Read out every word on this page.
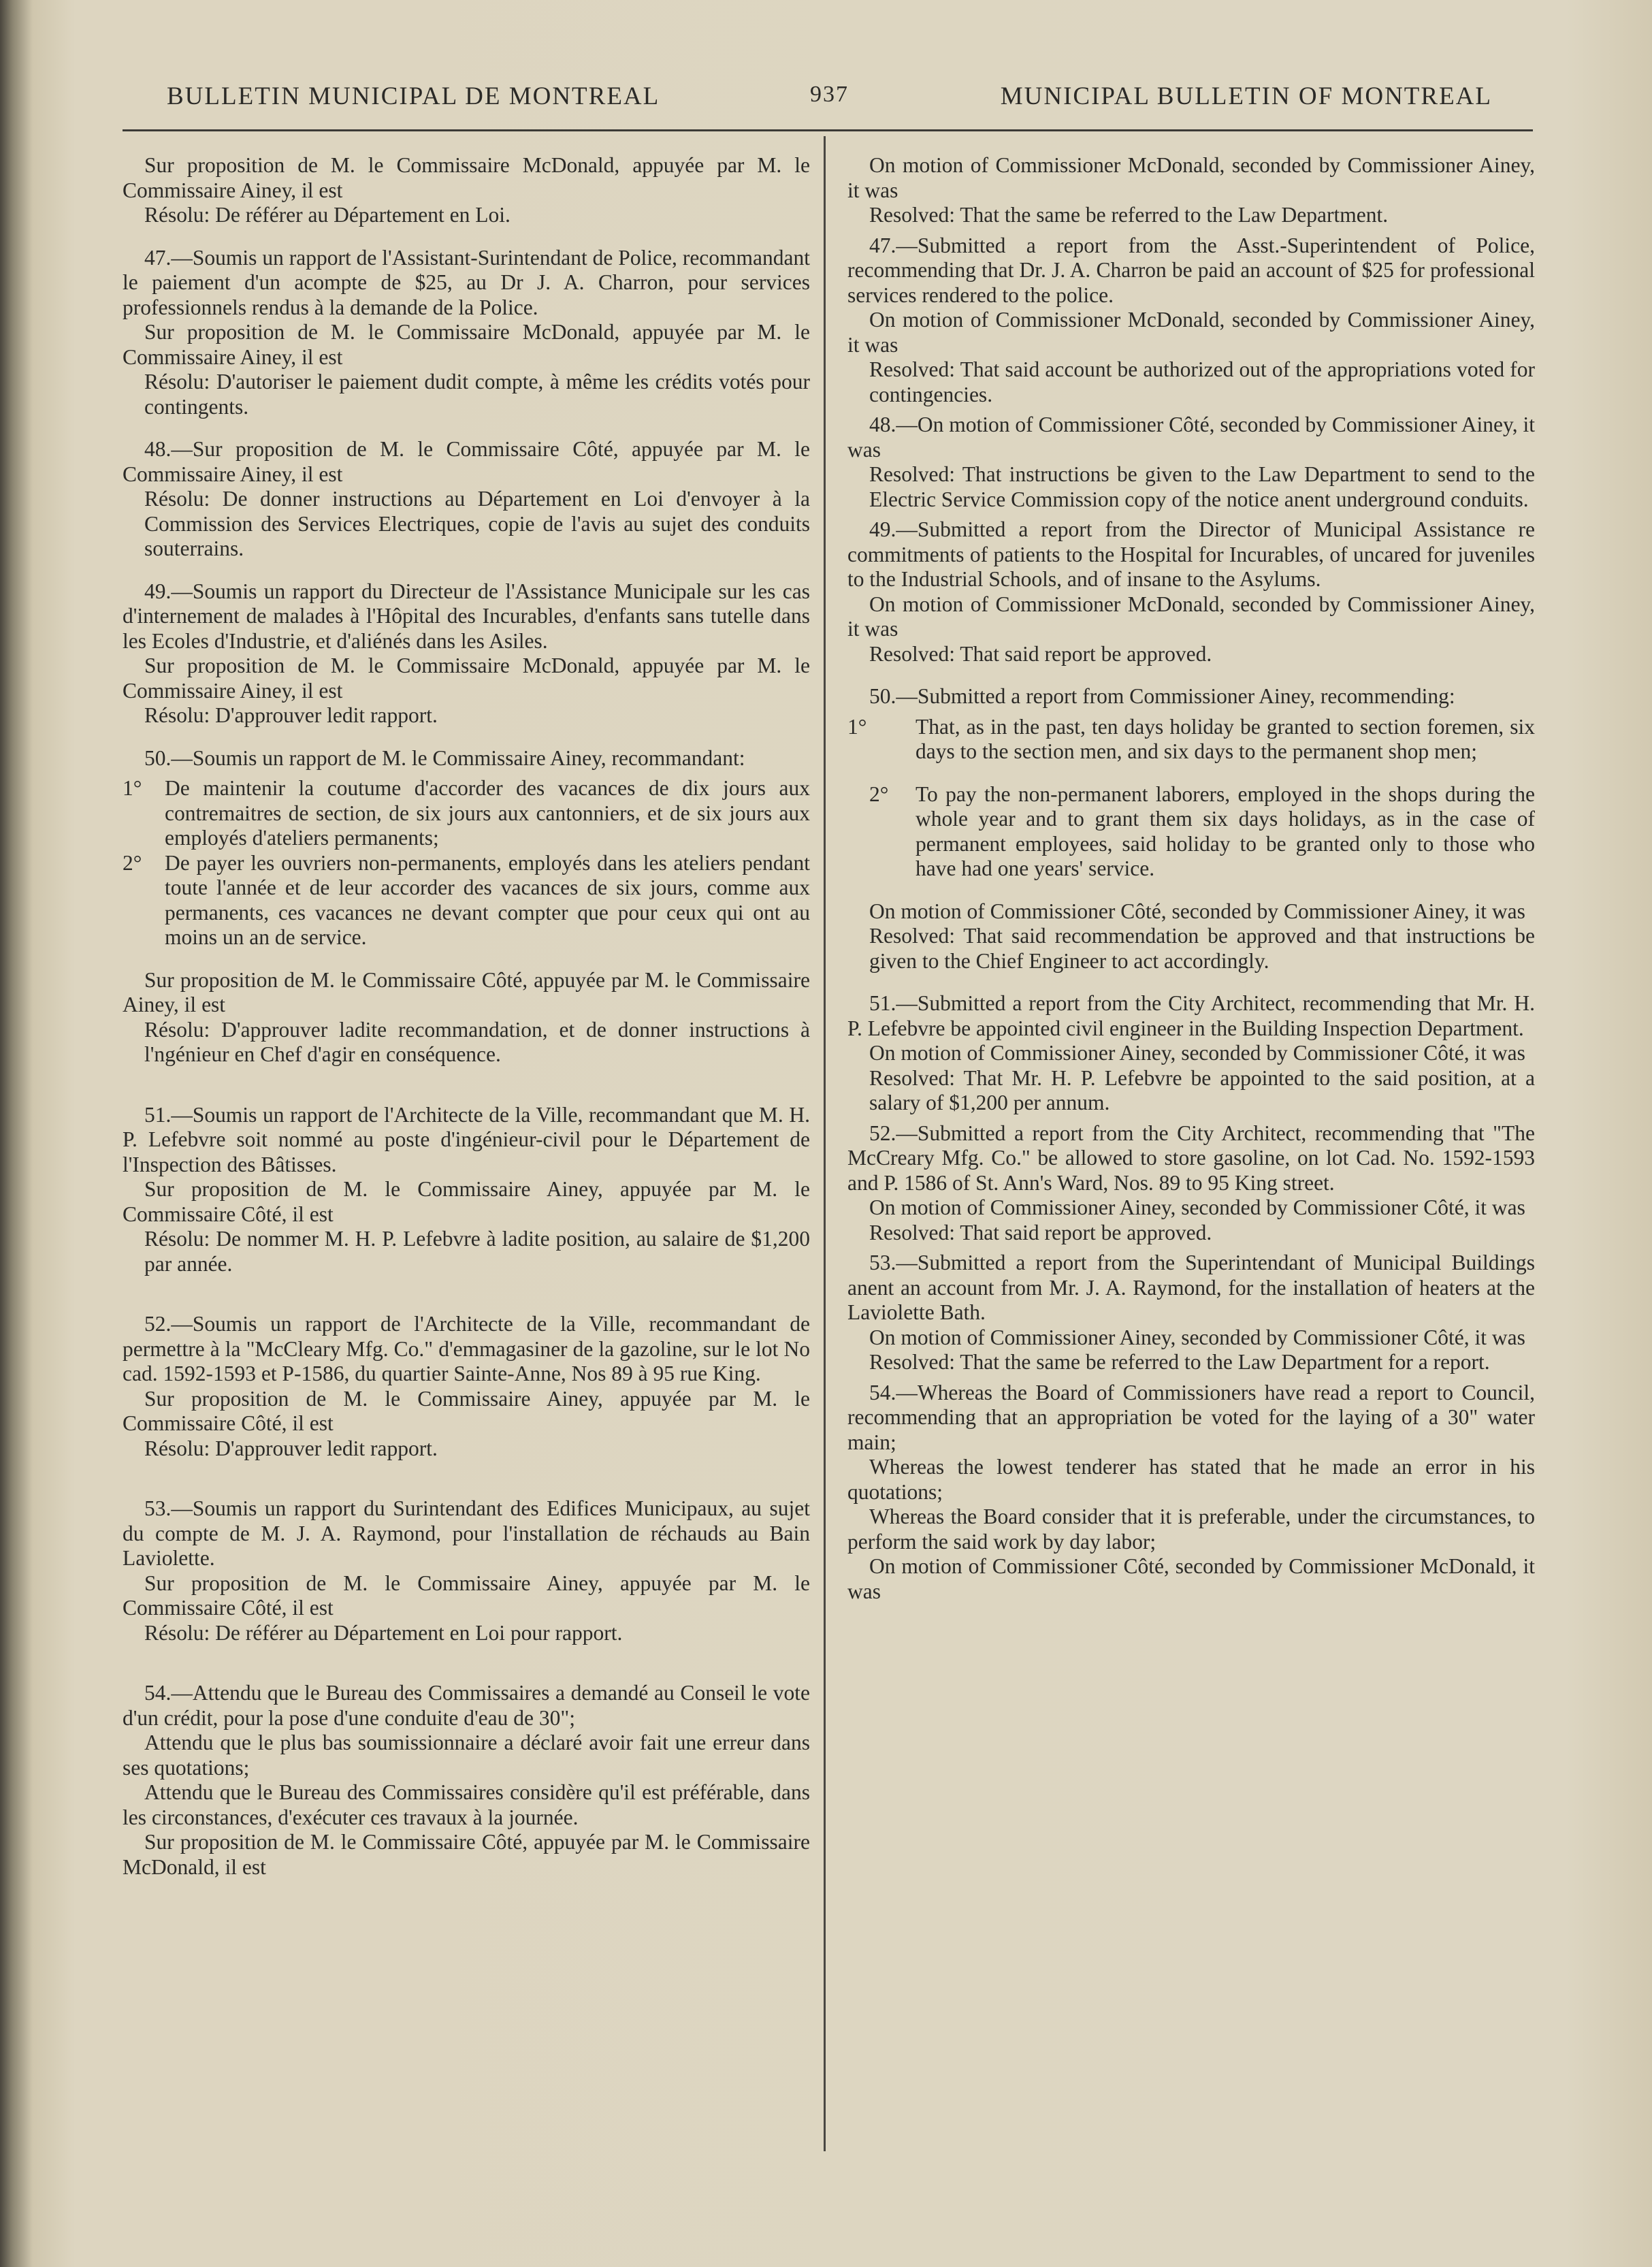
BULLETIN MUNICIPAL DE MONTREAL	937	MUNICIPAL BULLETIN OF MONTREAL

Sur proposition de M. le Commissaire McDonald, appuyée par M. le Commissaire Ainey, il est

Résolu: De référer au Département en Loi.

47.—Soumis un rapport de l'Assistant-Surintendant de Police, recommandant le paiement d'un acompte de $25, au Dr J. A. Charron, pour services professionnels rendus à la demande de la Police.

Sur proposition de M. le Commissaire McDonald, appuyée par M. le Commissaire Ainey, il est

Résolu: D'autoriser le paiement dudit compte, à même les crédits votés pour contingents.

48.—Sur proposition de M. le Commissaire Côté, appuyée par M. le Commissaire Ainey, il est

Résolu: De donner instructions au Département en Loi d'envoyer à la Commission des Services Electriques, copie de l'avis au sujet des conduits souterrains.

49.—Soumis un rapport du Directeur de l'Assistance Municipale sur les cas d'internement de malades à l'Hôpital des Incurables, d'enfants sans tutelle dans les Ecoles d'Industrie, et d'aliénés dans les Asiles.

Sur proposition de M. le Commissaire McDonald, appuyée par M. le Commissaire Ainey, il est

Résolu: D'approuver ledit rapport.

50.—Soumis un rapport de M. le Commissaire Ainey, recommandant:

1°	De maintenir la coutume d'accorder des vacances de dix jours aux contremaitres de section, de six jours aux cantonniers, et de six jours aux employés d'ateliers permanents;
2°	De payer les ouvriers non-permanents, employés dans les ateliers pendant toute l'année et de leur accorder des vacances de six jours, comme aux permanents, ces vacances ne devant compter que pour ceux qui ont au moins un an de service.

Sur proposition de M. le Commissaire Côté, appuyée par M. le Commissaire Ainey, il est

Résolu: D'approuver ladite recommandation, et de donner instructions à l'ngénieur en Chef d'agir en conséquence.

51.—Soumis un rapport de l'Architecte de la Ville, recommandant que M. H. P. Lefebvre soit nommé au poste d'ingénieur-civil pour le Département de l'Inspection des Bâtisses.

Sur proposition de M. le Commissaire Ainey, appuyée par M. le Commissaire Côté, il est

Résolu: De nommer M. H. P. Lefebvre à ladite position, au salaire de $1,200 par année.

52.—Soumis un rapport de l'Architecte de la Ville, recommandant de permettre à la "McCleary Mfg. Co." d'emmagasiner de la gazoline, sur le lot No cad. 1592-1593 et P-1586, du quartier Sainte-Anne, Nos 89 à 95 rue King.

Sur proposition de M. le Commissaire Ainey, appuyée par M. le Commissaire Côté, il est

Résolu: D'approuver ledit rapport.

53.—Soumis un rapport du Surintendant des Edifices Municipaux, au sujet du compte de M. J. A. Raymond, pour l'installation de réchauds au Bain Laviolette.

Sur proposition de M. le Commissaire Ainey, appuyée par M. le Commissaire Côté, il est

Résolu: De référer au Département en Loi pour rapport.

54.—Attendu que le Bureau des Commissaires a demandé au Conseil le vote d'un crédit, pour la pose d'une conduite d'eau de 30";

Attendu que le plus bas soumissionnaire a déclaré avoir fait une erreur dans ses quotations;

Attendu que le Bureau des Commissaires considère qu'il est préférable, dans les circonstances, d'exécuter ces travaux à la journée.

Sur proposition de M. le Commissaire Côté, appuyée par M. le Commissaire McDonald, il est

On motion of Commissioner McDonald, seconded by Commissioner Ainey, it was

Resolved: That the same be referred to the Law Department.

47.—Submitted a report from the Asst.-Superintendent of Police, recommending that Dr. J. A. Charron be paid an account of $25 for professional services rendered to the police.

On motion of Commissioner McDonald, seconded by Commissioner Ainey, it was

Resolved: That said account be authorized out of the appropriations voted for contingencies.

48.—On motion of Commissioner Côté, seconded by Commissioner Ainey, it was

Resolved: That instructions be given to the Law Department to send to the Electric Service Commission copy of the notice anent underground conduits.

49.—Submitted a report from the Director of Municipal Assistance re commitments of patients to the Hospital for Incurables, of uncared for juveniles to the Industrial Schools, and of insane to the Asylums.

On motion of Commissioner McDonald, seconded by Commissioner Ainey, it was

Resolved: That said report be approved.

50.—Submitted a report from Commissioner Ainey, recommending:

1°	That, as in the past, ten days holiday be granted to section foremen, six days to the section men, and six days to the permanent shop men;
2°	To pay the non-permanent laborers, employed in the shops during the whole year and to grant them six days holidays, as in the case of permanent employees, said holiday to be granted only to those who have had one years' service.

On motion of Commissioner Côté, seconded by Commissioner Ainey, it was

Resolved: That said recommendation be approved and that instructions be given to the Chief Engineer to act accordingly.

51.—Submitted a report from the City Architect, recommending that Mr. H. P. Lefebvre be appointed civil engineer in the Building Inspection Department.

On motion of Commissioner Ainey, seconded by Commissioner Côté, it was

Resolved: That Mr. H. P. Lefebvre be appointed to the said position, at a salary of $1,200 per annum.

52.—Submitted a report from the City Architect, recommending that "The McCreary Mfg. Co." be allowed to store gasoline, on lot Cad. No. 1592-1593 and P. 1586 of St. Ann's Ward, Nos. 89 to 95 King street.

On motion of Commissioner Ainey, seconded by Commissioner Côté, it was

Resolved: That said report be approved.

53.—Submitted a report from the Superintendant of Municipal Buildings anent an account from Mr. J. A. Raymond, for the installation of heaters at the Laviolette Bath.

On motion of Commissioner Ainey, seconded by Commissioner Côté, it was

Resolved: That the same be referred to the Law Department for a report.

54.—Whereas the Board of Commissioners have read a report to Council, recommending that an appropriation be voted for the laying of a 30" water main;

Whereas the lowest tenderer has stated that he made an error in his quotations;

Whereas the Board consider that it is preferable, under the circumstances, to perform the said work by day labor;

On motion of Commissioner Côté, seconded by Commissioner McDonald, it was
